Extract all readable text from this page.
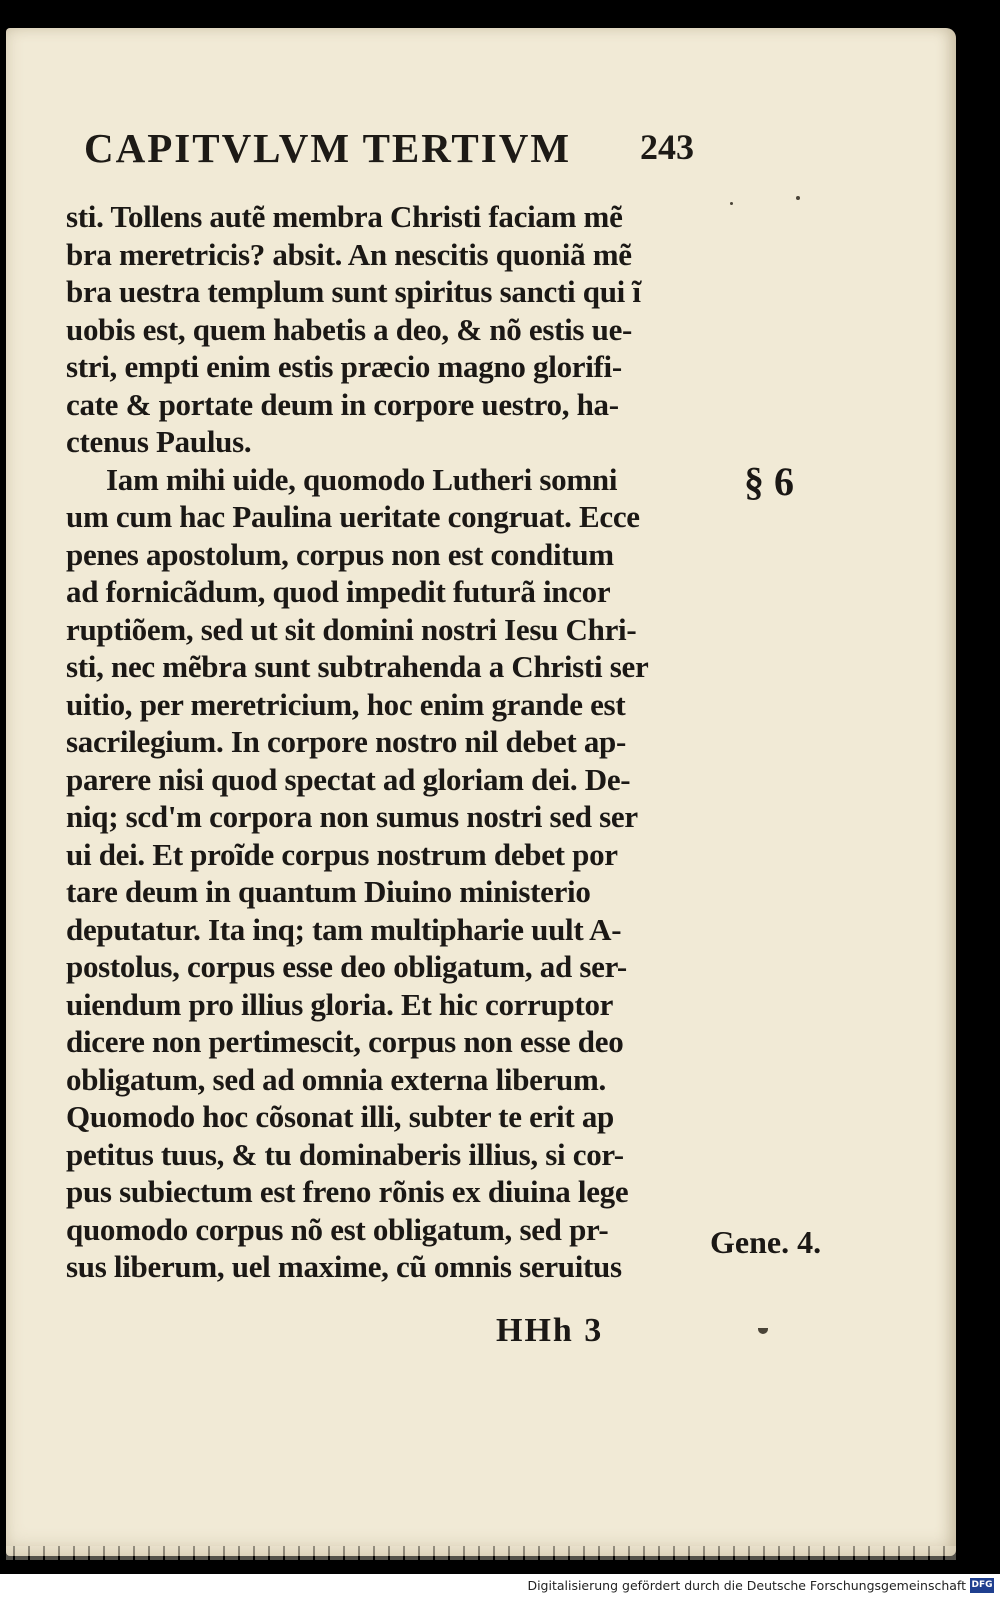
CAPITVLVM TERTIVM 243
sti. Tollens autẽ membra Christi faciam mẽ
bra meretricis? absit. An nescitis quoniã mẽ
bra uestra templum sunt spiritus sancti qui ĩ
uobis est, quem habetis a deo, & nõ estis ue-
stri, empti enim estis præcio magno glorifi-
cate & portate deum in corpore uestro, ha-
ctenus Paulus.
Iam mihi uide, quomodo Lutheri somni
um cum hac Paulina ueritate congruat. Ecce
penes apostolum, corpus non est conditum
ad fornicãdum, quod impedit futurã incor
ruptiõem, sed ut sit domini nostri Iesu Chri-
sti, nec mẽbra sunt subtrahenda a Christi ser
uitio, per meretricium, hoc enim grande est
sacrilegium. In corpore nostro nil debet ap-
parere nisi quod spectat ad gloriam dei. De-
niq; scd'm corpora non sumus nostri sed ser
ui dei. Et proĩde corpus nostrum debet por
tare deum in quantum Diuino ministerio
deputatur. Ita inq; tam multipharie uult A-
postolus, corpus esse deo obligatum, ad ser-
uiendum pro illius gloria. Et hic corruptor
dicere non pertimescit, corpus non esse deo
obligatum, sed ad omnia externa liberum.
Quomodo hoc cõsonat illi, subter te erit ap
petitus tuus, & tu dominaberis illius, si cor-
pus subiectum est freno rõnis ex diuina lege
quomodo corpus nõ est obligatum, sed pr-
sus liberum, uel maxime, cũ omnis seruitus
§ 6
Gene. 4.
HHh 3
Digitalisierung gefördert durch die Deutsche Forschungsgemeinschaft DFG
